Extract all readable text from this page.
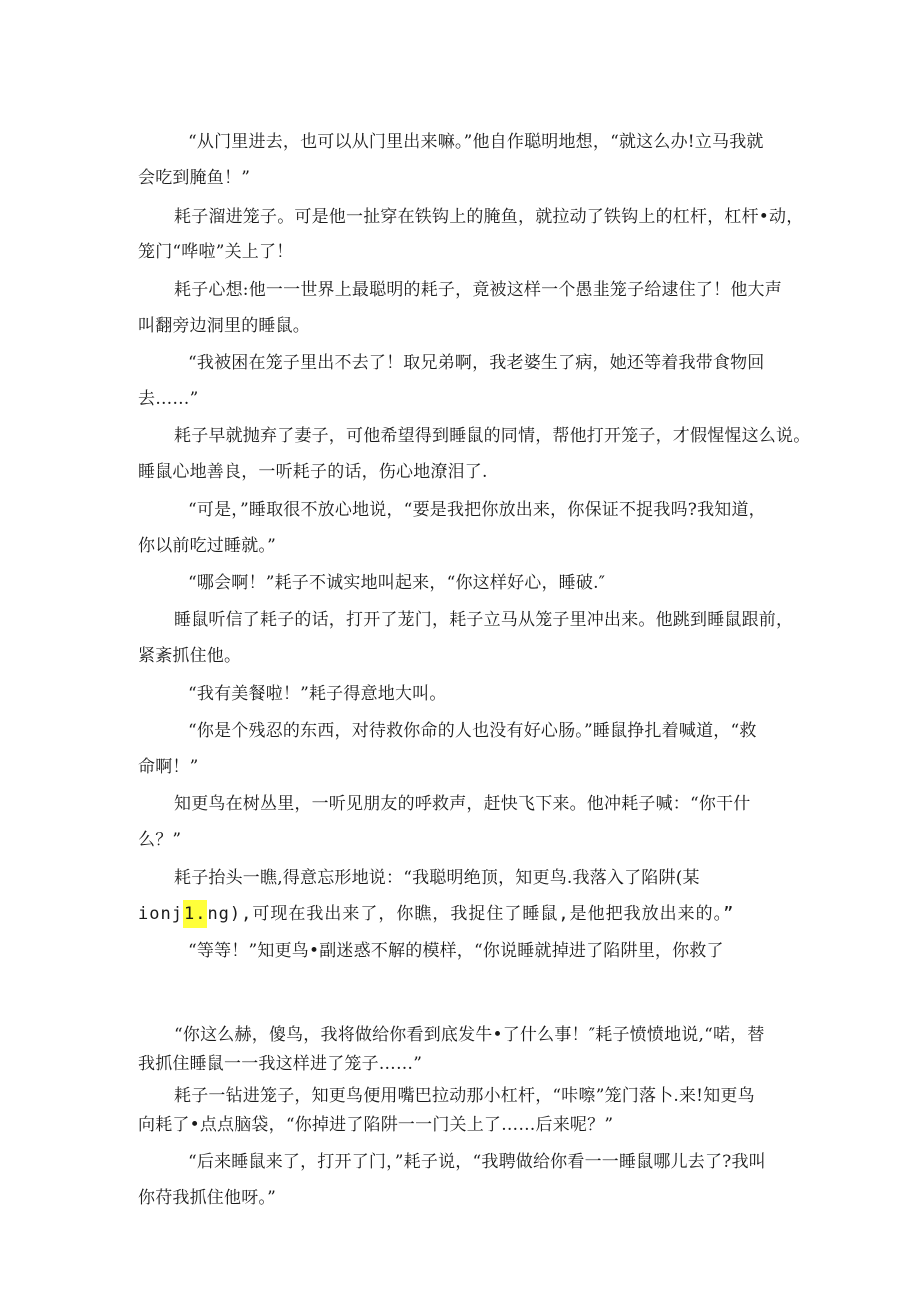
“从门里进去，也可以从门里出来嘛。”他自作聪明地想，“就这么办!立马我就
会吃到腌鱼！”
耗子溜进笼子。可是他一扯穿在铁钩上的腌鱼，就拉动了铁钩上的杠杆，杠杆•动，
笼门“哗啦”关上了！
耗子心想:他一一世界上最聪明的耗子，竟被这样一个愚韭笼子给逮住了！他大声
叫翻旁边洞里的睡鼠。
“我被困在笼子里出不去了！取兄弟啊，我老婆生了病，她还等着我带食物回
去……”
耗子早就抛弃了妻子，可他希望得到睡鼠的同情，帮他打开笼子，才假惺惺这么说。
睡鼠心地善良，一听耗子的话，伤心地潦泪了.
“可是，”睡取很不放心地说，“要是我把你放出来，你保证不捉我吗?我知道，
你以前吃过睡就。”
“哪会啊！”耗子不诚实地叫起来，“你这样好心，睡破.″
睡鼠听信了耗子的话，打开了茏门，耗子立马从笼子里冲出来。他跳到睡鼠跟前，
紧紊抓住他。
“我有美餐啦！”耗子得意地大叫。
“你是个残忍的东西，对待救你命的人也没有好心肠。”睡鼠挣扎着喊道，“救
命啊！”
知更鸟在树丛里，一听见朋友的呼救声，赶快飞下来。他冲耗子喊：“你干什
么？”
耗子抬头一瞧,得意忘形地说：“我聪明绝顶，知更鸟.我落入了陷阱(某
ionj1.ng),可现在我出来了，你瞧，我捉住了睡鼠,是他把我放出来的。”
“等等！”知更鸟•副迷惑不解的模样，“你说睡就掉进了陷阱里，你救了
“你这么赫，傻鸟，我将做给你看到底发牛•了什么事！″耗子愤愤地说,“喏，替
我抓住睡鼠一一我这样进了笼子……”
耗子一钻进笼子，知更鸟便用嘴巴拉动那小杠杆，“咔嚓”笼门落卜.来!知更鸟
向耗了•点点脑袋，“你掉进了陷阱一一门关上了……后来呢？”
“后来睡鼠来了，打开了门，”耗子说，“我聘做给你看一一睡鼠哪儿去了?我叫
你苻我抓住他呀。”
